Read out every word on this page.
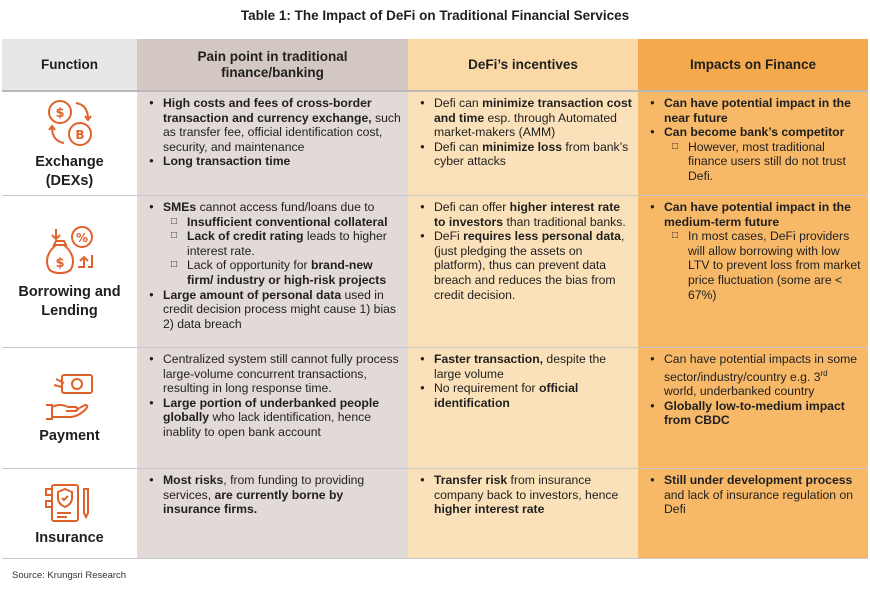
Table 1: The Impact of DeFi on Traditional Financial Services
Function
Pain point in traditional finance/banking
DeFi’s incentives	Impacts on Finance
$
B
Exchange (DEXs)
● High costs and fees of cross-border transaction and currency exchange, such as transfer fee, official identification cost, security, and maintenance
● Long transaction time
● Defi can minimize transaction cost and time esp. through Automated market-makers (AMM)
● Defi can minimize loss from bank’s cyber attacks
● Can have potential impact in the near future
● Can become bank’s competitor
□ However, most traditional finance users still do not trust Defi.
$
%
Borrowing and Lending
● SMEs cannot access fund/loans due to
□ Insufficient conventional collateral
□ Lack of credit rating leads to higher interest rate.
□ Lack of opportunity for brand-new firm/ industry or high-risk projects
● Large amount of personal data used in credit decision process might cause 1) bias 2) data breach
● Defi can offer higher interest rate to investors than traditional banks.
● DeFi requires less personal data, (just pledging the assets on platform), thus can prevent data breach and reduces the bias from credit decision.
● Can have potential impact in the medium-term future
□ In most cases, DeFi providers will allow borrowing with low LTV to prevent loss from market price fluctuation (some are < 67%)
Payment
● Centralized system still cannot fully process large-volume concurrent transactions, resulting in long response time.
● Large portion of underbanked people globally who lack identification, hence inablity to open bank account
● Faster transaction, despite the large volume
● No requirement for official identification
● Can have potential impacts in some sector/industry/country e.g. 3rd world, underbanked country
● Globally low-to-medium impact from CBDC
Insurance
● Most risks, from funding to providing services, are currently borne by insurance firms.
● Transfer risk from insurance company back to investors, hence higher interest rate
● Still under development process and lack of insurance regulation on Defi
Source: Krungsri Research
